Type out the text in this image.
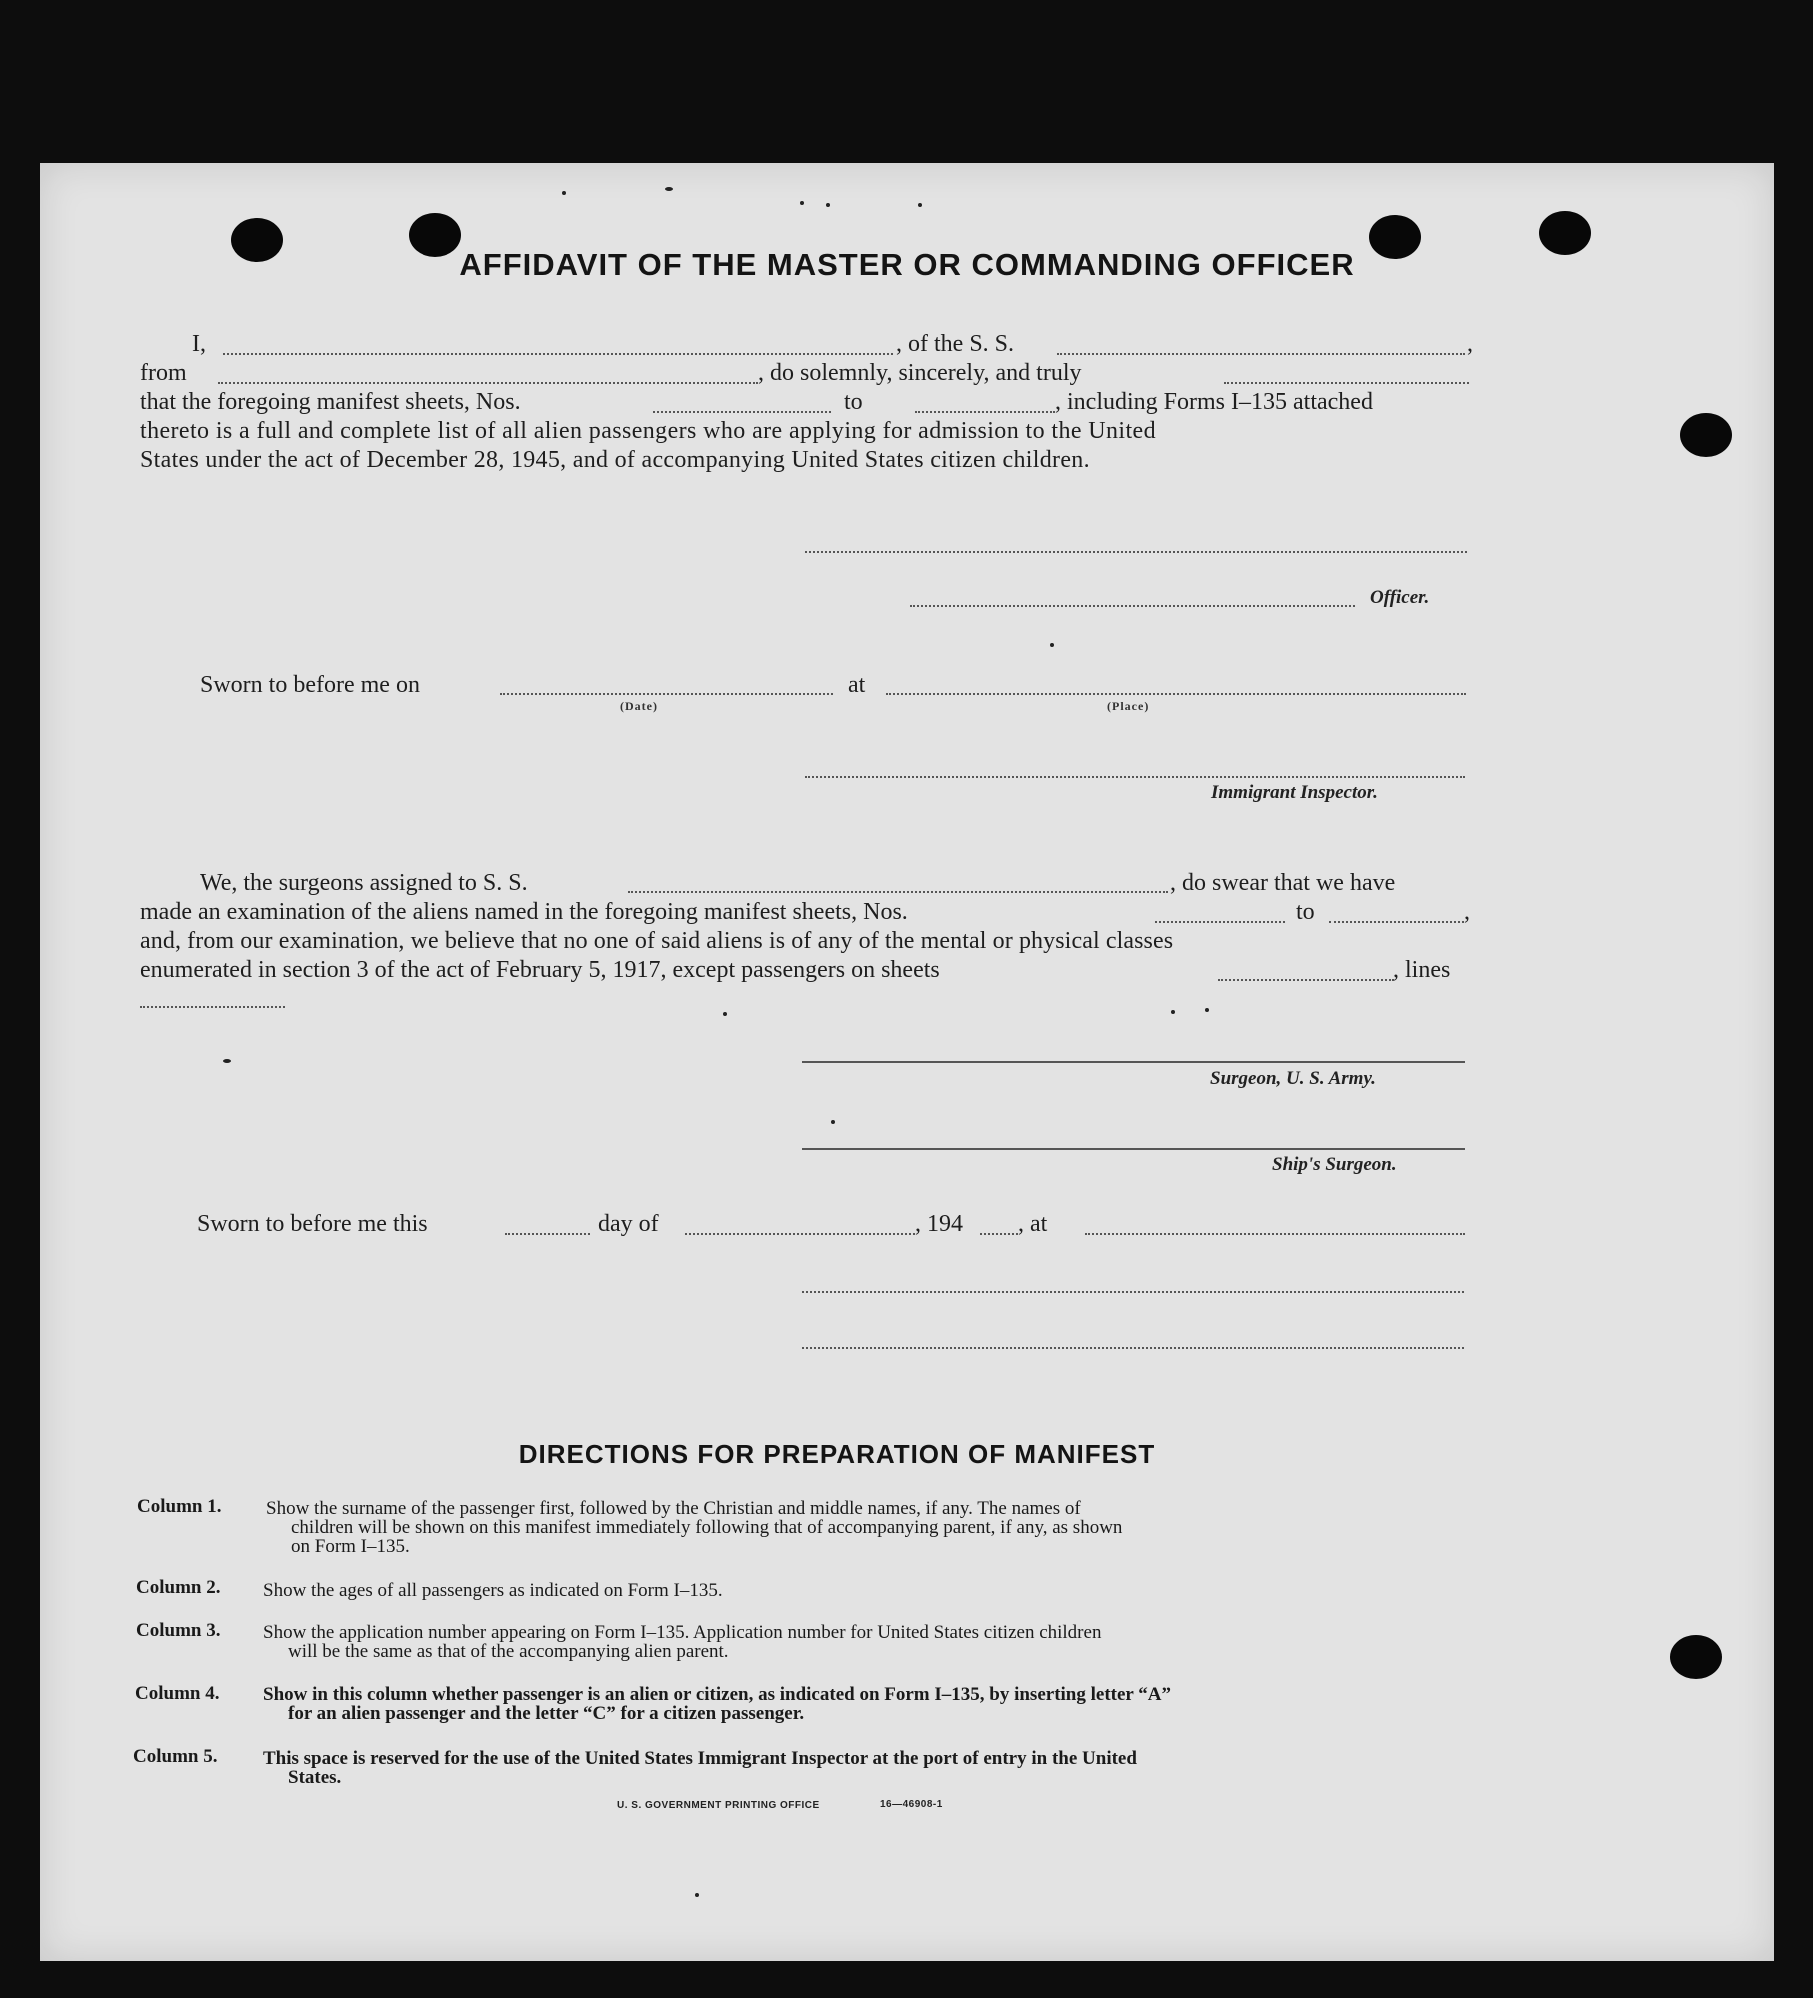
AFFIDAVIT OF THE MASTER OR COMMANDING OFFICER
I,	, of the S. S.	,
from	, do solemnly, sincerely, and truly
that the foregoing manifest sheets, Nos.	to	, including Forms I–135 attached
thereto is a full and complete list of all alien passengers who are applying for admission to the United
States under the act of December 28, 1945, and of accompanying United States citizen children.
Officer.
Sworn to before me on
(Date)
at
(Place)
Immigrant Inspector.
We, the surgeons assigned to S. S.	, do swear that we have
made an examination of the aliens named in the foregoing manifest sheets, Nos.	to	,
and, from our examination, we believe that no one of said aliens is of any of the mental or physical classes
enumerated in section 3 of the act of February 5, 1917, except passengers on sheets	, lines
Surgeon, U. S. Army.
Ship's Surgeon.
Sworn to before me this	day of	, 194 , at
DIRECTIONS FOR PREPARATION OF MANIFEST
Column 1.	Show the surname of the passenger first, followed by the Christian and middle names, if any. The names of
children will be shown on this manifest immediately following that of accompanying parent, if any, as shown
on Form I–135.
Column 2.	Show the ages of all passengers as indicated on Form I–135.
Column 3.	Show the application number appearing on Form I–135. Application number for United States citizen children
will be the same as that of the accompanying alien parent.
Column 4.	Show in this column whether passenger is an alien or citizen, as indicated on Form I–135, by inserting letter “A”
for an alien passenger and the letter “C” for a citizen passenger.
Column 5.	This space is reserved for the use of the United States Immigrant Inspector at the port of entry in the United
States.
U. S. GOVERNMENT PRINTING OFFICE	16—46908-1
